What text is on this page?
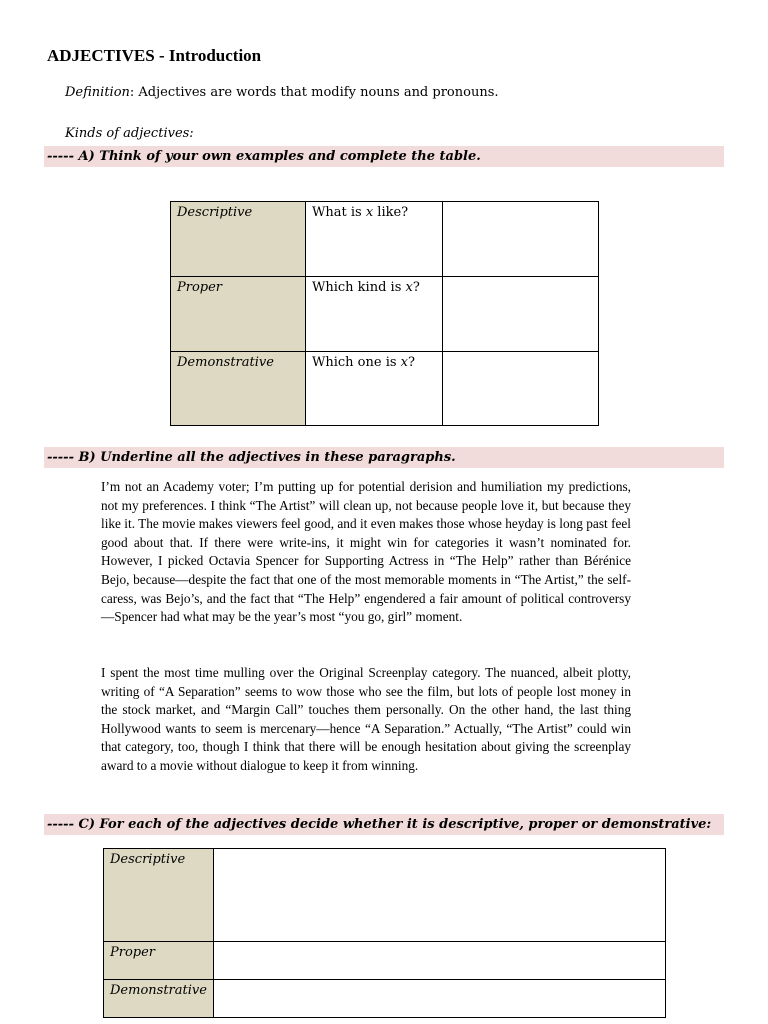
ADJECTIVES - Introduction
Definition: Adjectives are words that modify nouns and pronouns.
Kinds of adjectives:
----- A) Think of your own examples and complete the table.
Descriptive	What is x like?	
Proper	Which kind is x?	
Demonstrative	Which one is x?	
----- B) Underline all the adjectives in these paragraphs.

I’m not an Academy voter; I’m putting up for potential derision and humiliation my predictions, not my preferences. I think “The Artist” will clean up, not because people love it, but because they like it. The movie makes viewers feel good, and it even makes those whose heyday is long past feel good about that. If there were write-ins, it might win for categories it wasn’t nominated for. However, I picked Octavia Spencer for Supporting Actress in “The Help” rather than Bérénice Bejo, because—despite the fact that one of the most memorable moments in “The Artist,” the self-caress, was Bejo’s, and the fact that “The Help” engendered a fair amount of political controversy—Spencer had what may be the year’s most “you go, girl” moment.

I spent the most time mulling over the Original Screenplay category. The nuanced, albeit plotty, writing of “A Separation” seems to wow those who see the film, but lots of people lost money in the stock market, and “Margin Call” touches them personally. On the other hand, the last thing Hollywood wants to seem is mercenary—hence “A Separation.” Actually, “The Artist” could win that category, too, though I think that there will be enough hesitation about giving the screenplay award to a movie without dialogue to keep it from winning.

----- C) For each of the adjectives decide whether it is descriptive, proper or demonstrative:
Descriptive	
Proper	
Demonstrative	
